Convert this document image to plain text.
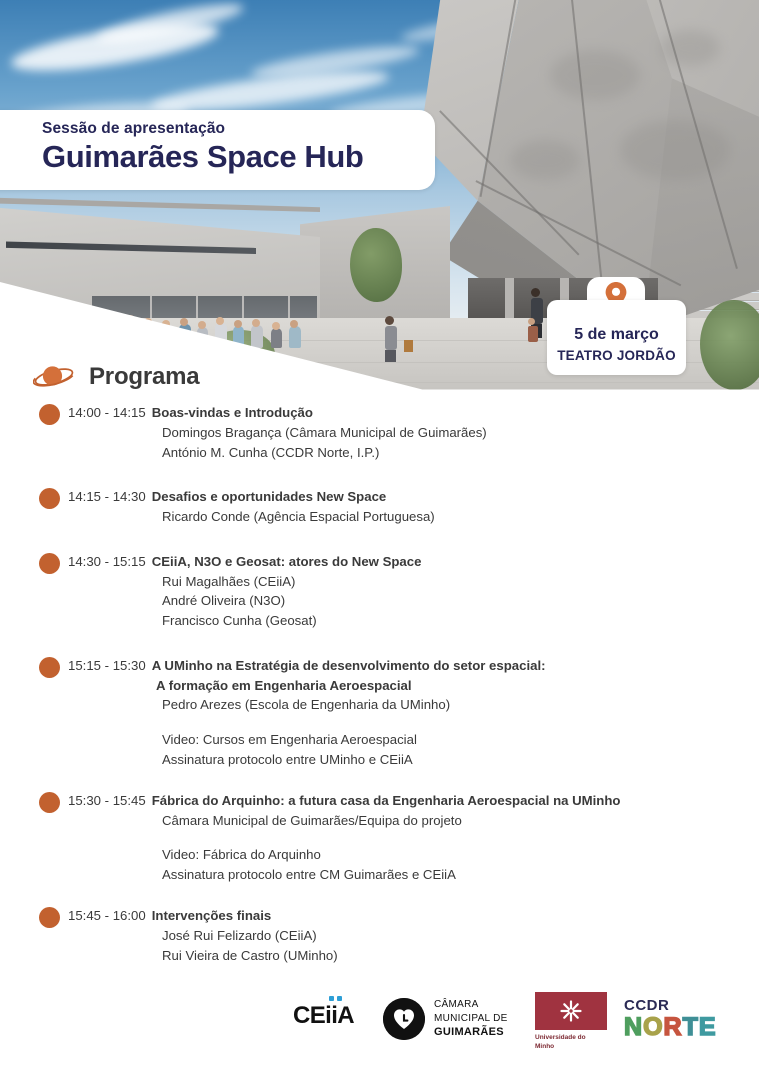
Sessão de apresentação
Guimarães Space Hub
5 de março
TEATRO JORDÃO
Programa
14:00 - 14:15 Boas-vindas e Introdução
Domingos Bragança (Câmara Municipal de Guimarães)
António M. Cunha (CCDR Norte, I.P.)
14:15 - 14:30 Desafios e oportunidades New Space
Ricardo Conde (Agência Espacial Portuguesa)
14:30 - 15:15 CEiiA, N3O e Geosat: atores do New Space
Rui Magalhães (CEiiA)
André Oliveira (N3O)
Francisco Cunha (Geosat)
15:15 - 15:30 A UMinho na Estratégia de desenvolvimento do setor espacial:
A formação em Engenharia Aeroespacial
Pedro Arezes (Escola de Engenharia da UMinho)
Video: Cursos em Engenharia Aeroespacial
Assinatura protocolo entre UMinho e CEiiA
15:30 - 15:45 Fábrica do Arquinho: a futura casa da Engenharia Aeroespacial na UMinho
Câmara Municipal de Guimarães/Equipa do projeto
Video: Fábrica do Arquinho
Assinatura protocolo entre CM Guimarães e CEiiA
15:45 - 16:00 Intervenções finais
José Rui Felizardo (CEiiA)
Rui Vieira de Castro (UMinho)
CEiiA	CÂMARA
MUNICIPAL DE
GUIMARÃES	Universidade do Minho
CCDR
N O R T E
